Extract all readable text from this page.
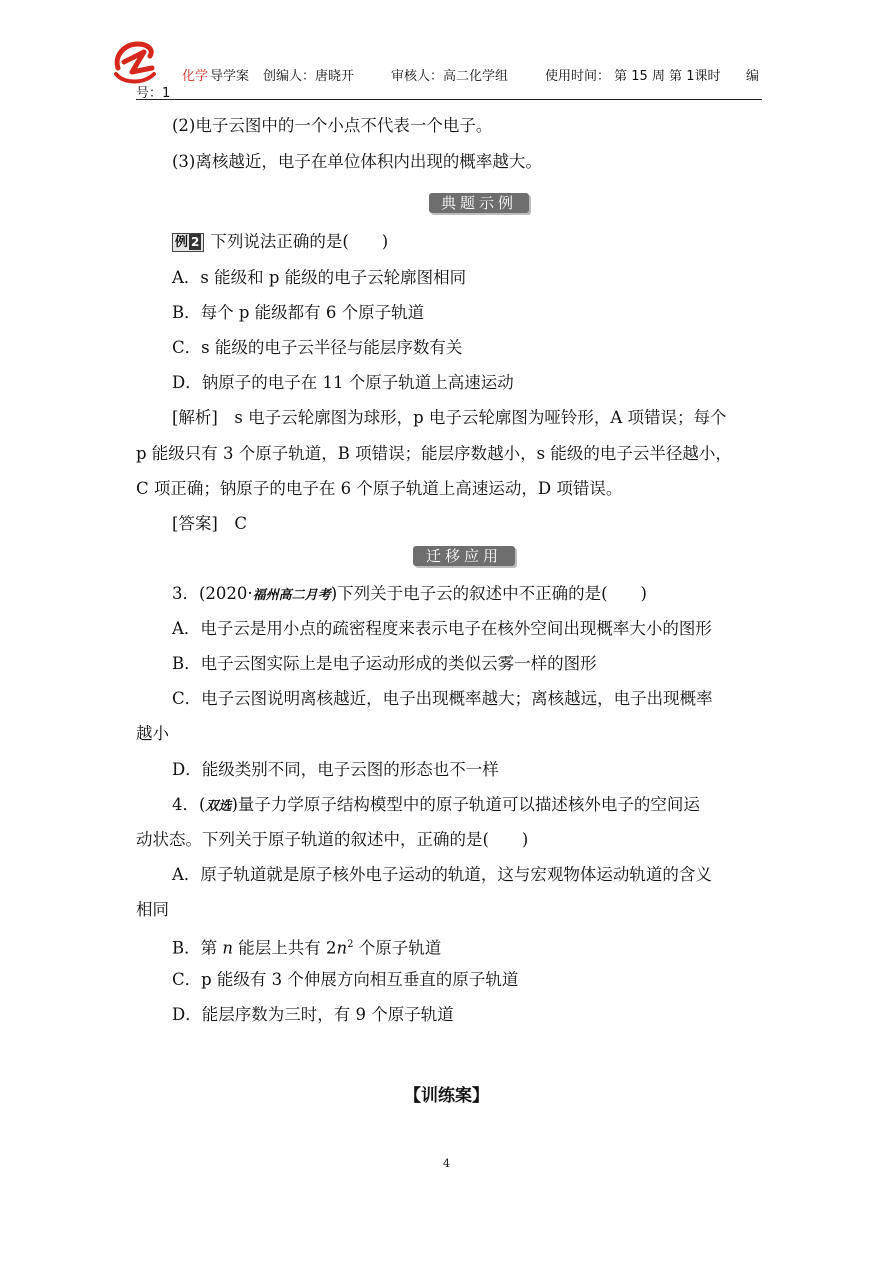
化学 导学案 创编人：唐晓开	审核人：高二化学组	使用时间： 第 15 周 第 1课时 编
号：1
(2)电子云图中的一个小点不代表一个电子。
(3)离核越近，电子在单位体积内出现的概率越大。
典题示例
例 2 下列说法正确的是(　　)
A．s 能级和 p 能级的电子云轮廓图相同
B．每个 p 能级都有 6 个原子轨道
C．s 能级的电子云半径与能层序数有关
D．钠原子的电子在 11 个原子轨道上高速运动
[解析]　s 电子云轮廓图为球形，p 电子云轮廓图为哑铃形，A 项错误；每个
p 能级只有 3 个原子轨道，B 项错误；能层序数越小，s 能级的电子云半径越小，
C 项正确；钠原子的电子在 6 个原子轨道上高速运动，D 项错误。
[答案]　C
迁移应用
3．(2020·福州高二月考)下列关于电子云的叙述中不正确的是(　　)
A．电子云是用小点的疏密程度来表示电子在核外空间出现概率大小的图形
B．电子云图实际上是电子运动形成的类似云雾一样的图形
C．电子云图说明离核越近，电子出现概率越大；离核越远，电子出现概率
越小
D．能级类别不同，电子云图的形态也不一样
4．(双选)量子力学原子结构模型中的原子轨道可以描述核外电子的空间运
动状态。下列关于原子轨道的叙述中，正确的是(　　)
A．原子轨道就是原子核外电子运动的轨道，这与宏观物体运动轨道的含义
相同
B．第 n 能层上共有 $2n^2$ 个原子轨道
C．p 能级有 3 个伸展方向相互垂直的原子轨道
D．能层序数为三时，有 9 个原子轨道
【训练案】
4
